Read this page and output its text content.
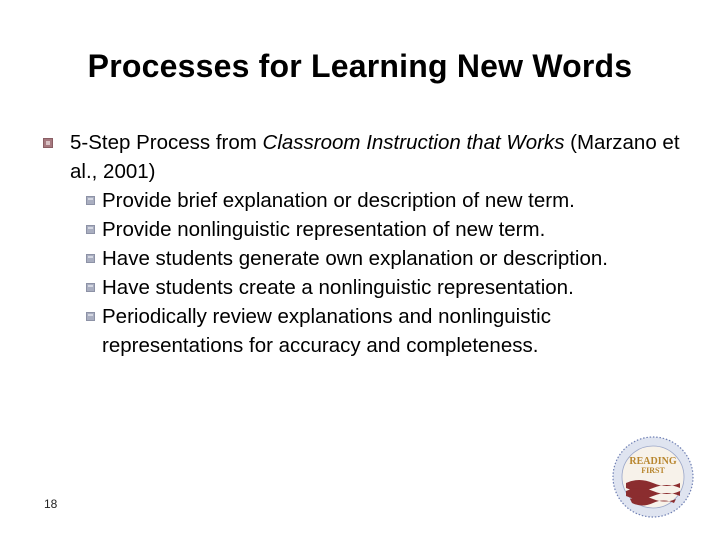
Processes for Learning New Words
5-Step Process from Classroom Instruction that Works (Marzano et al., 2001)
Provide brief explanation or description of new term.
Provide nonlinguistic representation of new term.
Have students generate own explanation or description.
Have students create a nonlinguistic representation.
Periodically review explanations and nonlinguistic representations for accuracy and completeness.
18
READING
FIRST
